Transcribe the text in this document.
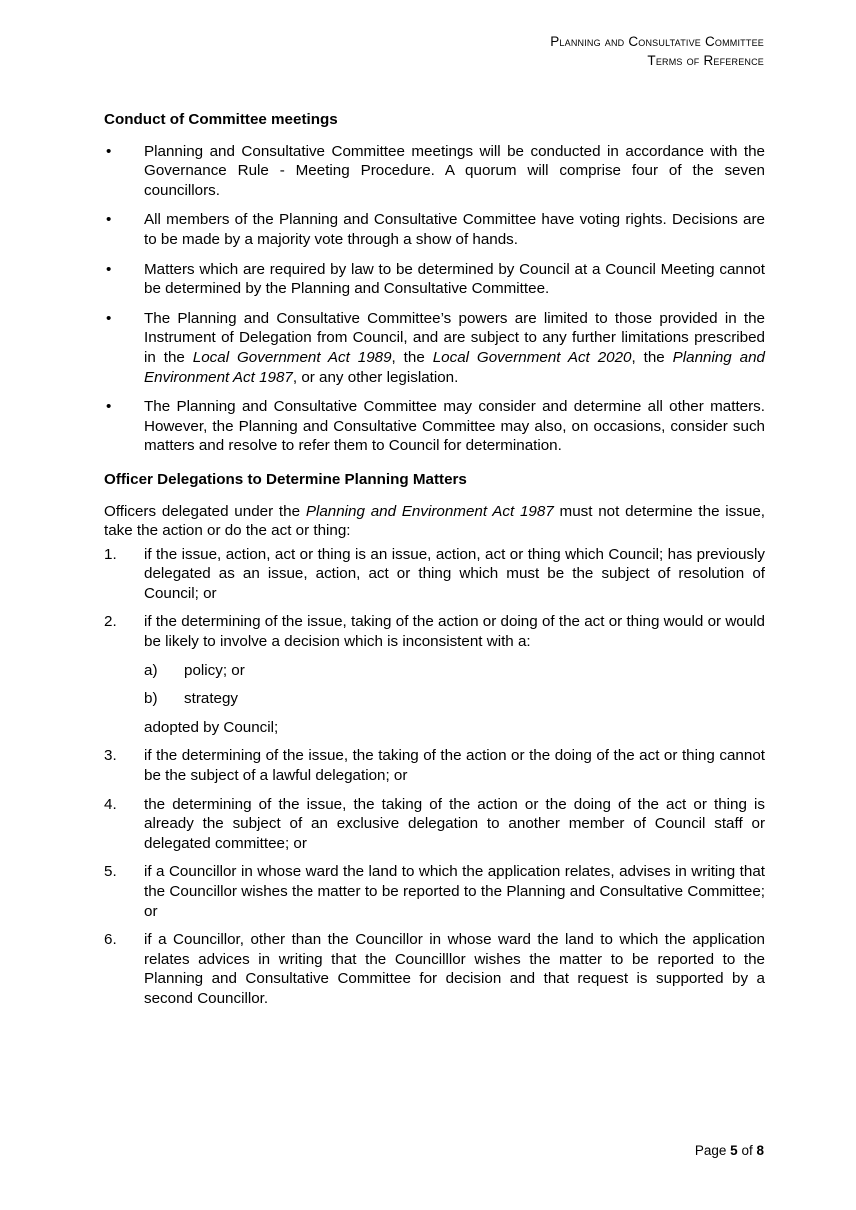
Planning and Consultative Committee
Terms of Reference
Conduct of Committee meetings
•	Planning and Consultative Committee meetings will be conducted in accordance with the Governance Rule - Meeting Procedure. A quorum will comprise four of the seven councillors.
•	All members of the Planning and Consultative Committee have voting rights. Decisions are to be made by a majority vote through a show of hands.
•	Matters which are required by law to be determined by Council at a Council Meeting cannot be determined by the Planning and Consultative Committee.
•	The Planning and Consultative Committee’s powers are limited to those provided in the Instrument of Delegation from Council, and are subject to any further limitations prescribed in the Local Government Act 1989, the Local Government Act 2020, the Planning and Environment Act 1987, or any other legislation.
•	The Planning and Consultative Committee may consider and determine all other matters. However, the Planning and Consultative Committee may also, on occasions, consider such matters and resolve to refer them to Council for determination.
Officer Delegations to Determine Planning Matters

Officers delegated under the Planning and Environment Act 1987 must not determine the issue, take the action or do the act or thing:

1.	if the issue, action, act or thing is an issue, action, act or thing which Council; has previously delegated as an issue, action, act or thing which must be the subject of resolution of Council; or
2.	if the determining of the issue, taking of the action or doing of the act or thing would or would be likely to involve a decision which is inconsistent with a:
a)	policy; or
b)	strategy
adopted by Council;
3.	if the determining of the issue, the taking of the action or the doing of the act or thing cannot be the subject of a lawful delegation; or
4.	the determining of the issue, the taking of the action or the doing of the act or thing is already the subject of an exclusive delegation to another member of Council staff or delegated committee; or
5.	if a Councillor in whose ward the land to which the application relates, advises in writing that the Councillor wishes the matter to be reported to the Planning and Consultative Committee; or
6.	if a Councillor, other than the Councillor in whose ward the land to which the application relates advices in writing that the Councilllor wishes the matter to be reported to the Planning and Consultative Committee for decision and that request is supported by a second Councillor.
Page 5 of 8
